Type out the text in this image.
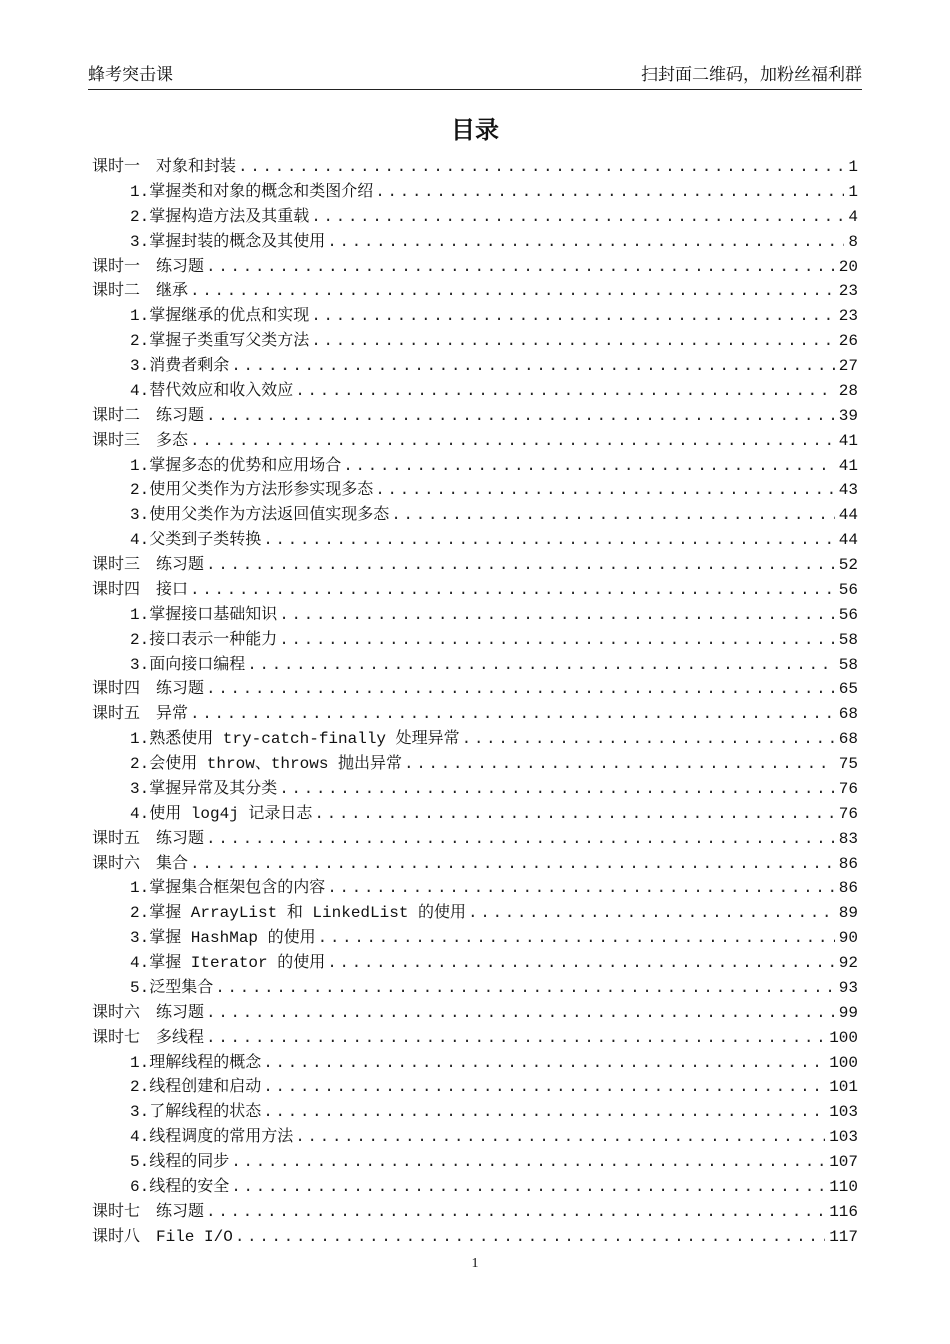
蜂考突击课	扫封面二维码，加粉丝福利群
目录
课时一　对象和封装 .....	1
1.掌握类和对象的概念和类图介绍 .....	1
2.掌握构造方法及其重载 .....	4
3.掌握封装的概念及其使用 .....	8
课时一　练习题 .....	20
课时二　继承 .....	23
1.掌握继承的优点和实现 .....	23
2.掌握子类重写父类方法 .....	26
3.消费者剩余 .....	27
4.替代效应和收入效应 .....	28
课时二　练习题 .....	39
课时三　多态 .....	41
1.掌握多态的优势和应用场合 .....	41
2.使用父类作为方法形参实现多态 .....	43
3.使用父类作为方法返回值实现多态 .....	44
4.父类到子类转换 .....	44
课时三　练习题 .....	52
课时四　接口 .....	56
1.掌握接口基础知识 .....	56
2.接口表示一种能力 .....	58
3.面向接口编程 .....	58
课时四　练习题 .....	65
课时五　异常 .....	68
1.熟悉使用 try-catch-finally 处理异常 .....	68
2.会使用 throw、throws 抛出异常 .....	75
3.掌握异常及其分类 .....	76
4.使用 log4j 记录日志 .....	76
课时五　练习题 .....	83
课时六　集合 .....	86
1.掌握集合框架包含的内容 .....	86
2.掌握 ArrayList 和 LinkedList 的使用 .....	89
3.掌握 HashMap 的使用 .....	90
4.掌握 Iterator 的使用 .....	92
5.泛型集合 .....	93
课时六　练习题 .....	99
课时七　多线程 .....	100
1.理解线程的概念 .....	100
2.线程创建和启动 .....	101
3.了解线程的状态 .....	103
4.线程调度的常用方法 .....	103
5.线程的同步 .....	107
6.线程的安全 .....	110
课时七　练习题 .....	116
课时八　File I/O .....	117
1
